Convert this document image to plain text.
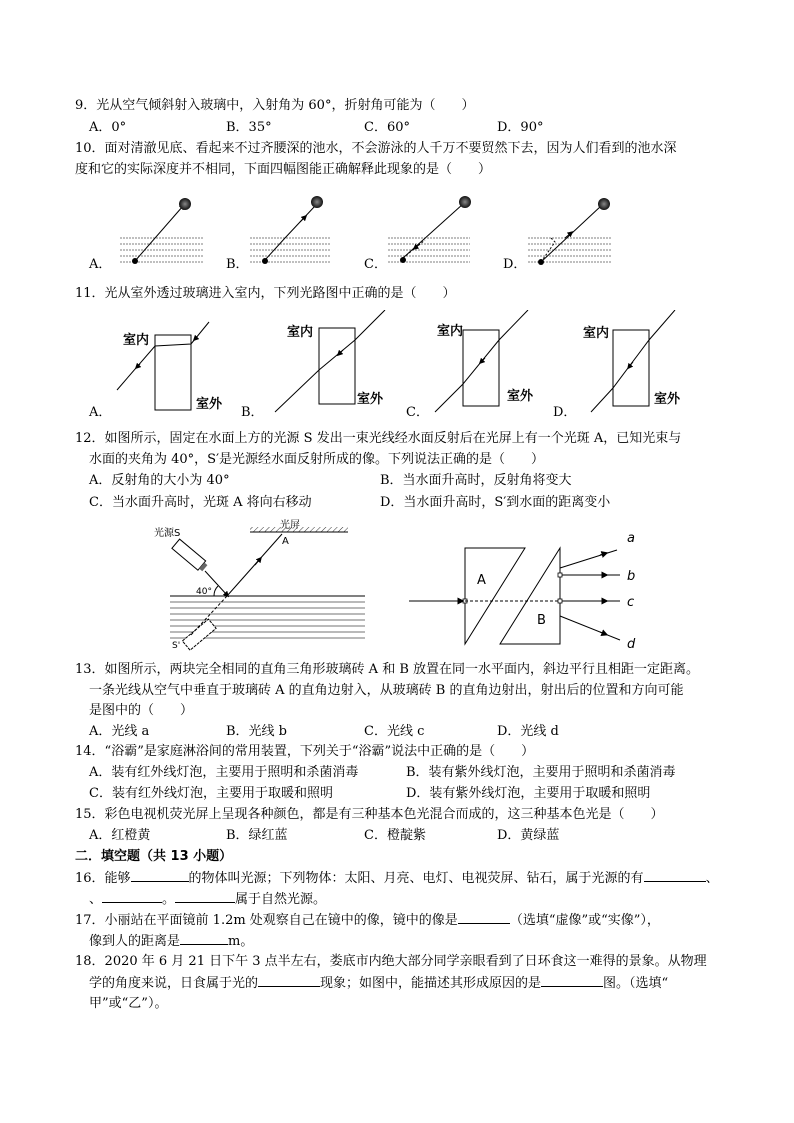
9．光从空气倾斜射入玻璃中，入射角为 60°，折射角可能为（　　）
A．0°	B．35°	C．60°	D．90°
10．面对清澈见底、看起来不过齐腰深的池水，不会游泳的人千万不要贸然下去，因为人们看到的池水深
度和它的实际深度并不相同，下面四幅图能正确解释此现象的是（　　）
A．	B．	C．	D．
11．光从室外透过玻璃进入室内，下列光路图中正确的是（　　）
室内
室外
室内
室外
室内
室外
室内
室外
A．	B．	C．	D．
12．如图所示，固定在水面上方的光源 S 发出一束光线经水面反射后在光屏上有一个光斑 A，已知光束与
水面的夹角为 40°，S′是光源经水面反射所成的像。下列说法正确的是（　　）
A．反射角的大小为 40°	B．当水面升高时，反射角将变大
C．当水面升高时，光斑 A 将向右移动	D．当水面升高时，S′到水面的距离变小
光屏
A
光源S
40°
S'
A
B
a
b
c
d
13．如图所示，两块完全相同的直角三角形玻璃砖 A 和 B 放置在同一水平面内，斜边平行且相距一定距离。
一条光线从空气中垂直于玻璃砖 A 的直角边射入，从玻璃砖 B 的直角边射出，射出后的位置和方向可能
是图中的（　　）
A．光线 a	B．光线 b	C．光线 c	D．光线 d
14．“浴霸”是家庭淋浴间的常用装置，下列关于“浴霸”说法中正确的是（　　）
A．装有红外线灯泡，主要用于照明和杀菌消毒	B．装有紫外线灯泡，主要用于照明和杀菌消毒
C．装有红外线灯泡，主要用于取暖和照明	D．装有紫外线灯泡，主要用于取暖和照明
15．彩色电视机荧光屏上呈现各种颜色，都是有三种基本色光混合而成的，这三种基本色光是（　　）
A．红橙黄	B．绿红蓝	C．橙靛紫	D．黄绿蓝
二．填空题（共 13 小题）
16．能够	的物体叫光源；下列物体：太阳、月亮、电灯、电视荧屏、钻石，属于光源的有	、
、	。	属于自然光源。
17．小丽站在平面镜前 1.2m 处观察自己在镜中的像，镜中的像是	（选填“虚像”或“实像”），
像到人的距离是	m。
18．2020 年 6 月 21 日下午 3 点半左右，娄底市内绝大部分同学亲眼看到了日环食这一难得的景象。从物理
学的角度来说，日食属于光的	现象；如图中，能描述其形成原因的是	图。（选填“
甲”或“乙”）。
